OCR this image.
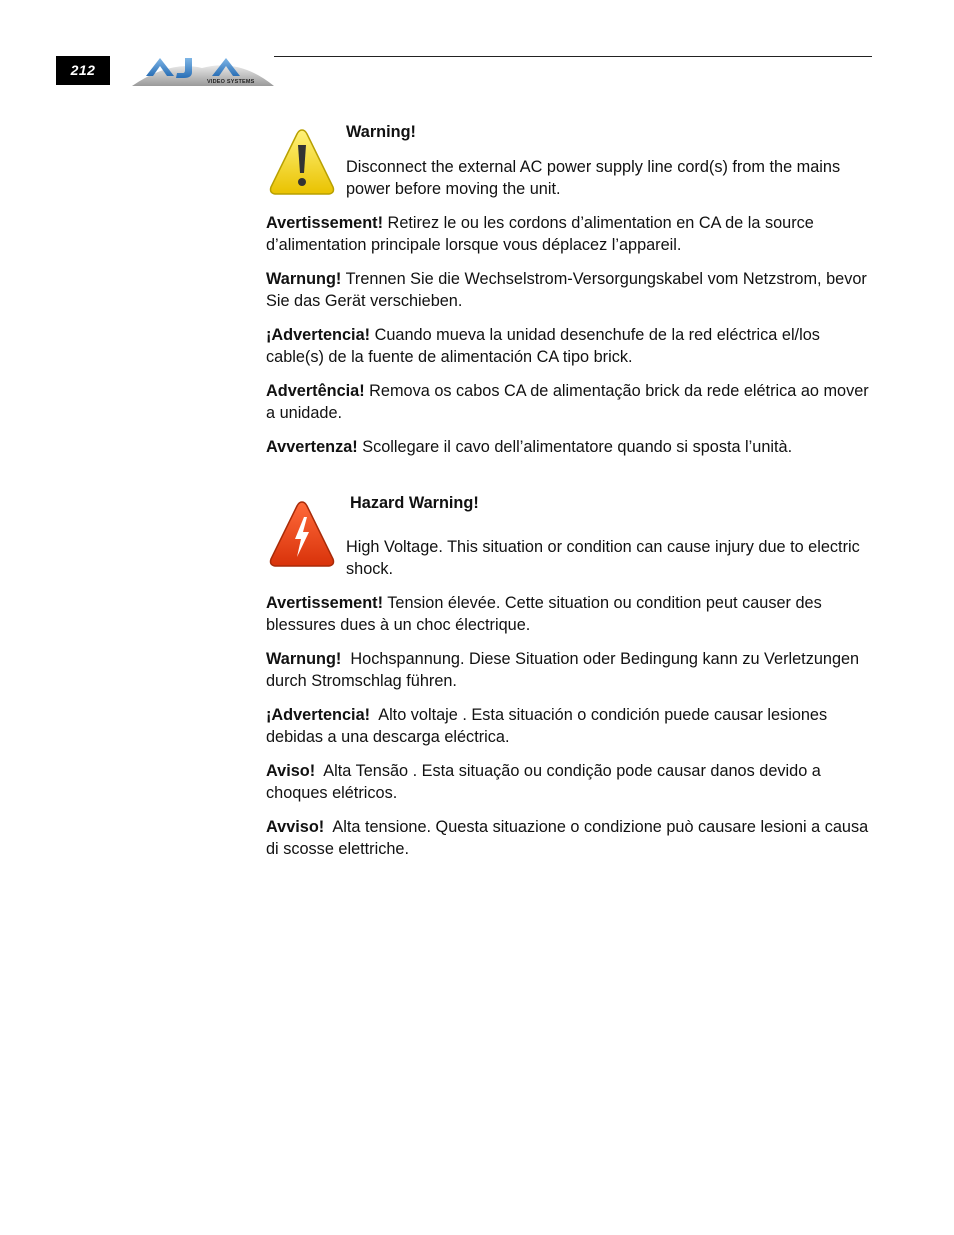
212
AJA
VIDEO SYSTEMS
Warning!
Disconnect the external AC power supply line cord(s) from the mains power before moving the unit.
Avertissement! Retirez le ou les cordons d’alimentation en CA de la source d’alimentation principale lorsque vous déplacez l’appareil.
Warnung! Trennen Sie die Wechselstrom-Versorgungskabel vom Netzstrom, bevor Sie das Gerät verschieben.
¡Advertencia! Cuando mueva la unidad desenchufe de la red eléctrica el/los cable(s) de la fuente de alimentación CA tipo brick.
Advertência! Remova os cabos CA de alimentação brick da rede elétrica ao mover a unidade.
Avvertenza! Scollegare il cavo dell’alimentatore quando si sposta l’unità.
Hazard Warning!
High Voltage. This situation or condition can cause injury due to electric shock.
Avertissement! Tension élevée. Cette situation ou condition peut causer des blessures dues à un choc électrique.
Warnung!  Hochspannung. Diese Situation oder Bedingung kann zu Verletzungen durch Stromschlag führen.
¡Advertencia!  Alto voltaje . Esta situación o condición puede causar lesiones debidas a una descarga eléctrica.
Aviso!  Alta Tensão . Esta situação ou condição pode causar danos devido a choques elétricos.
Avviso!  Alta tensione. Questa situazione o condizione può causare lesioni a causa di scosse elettriche.
